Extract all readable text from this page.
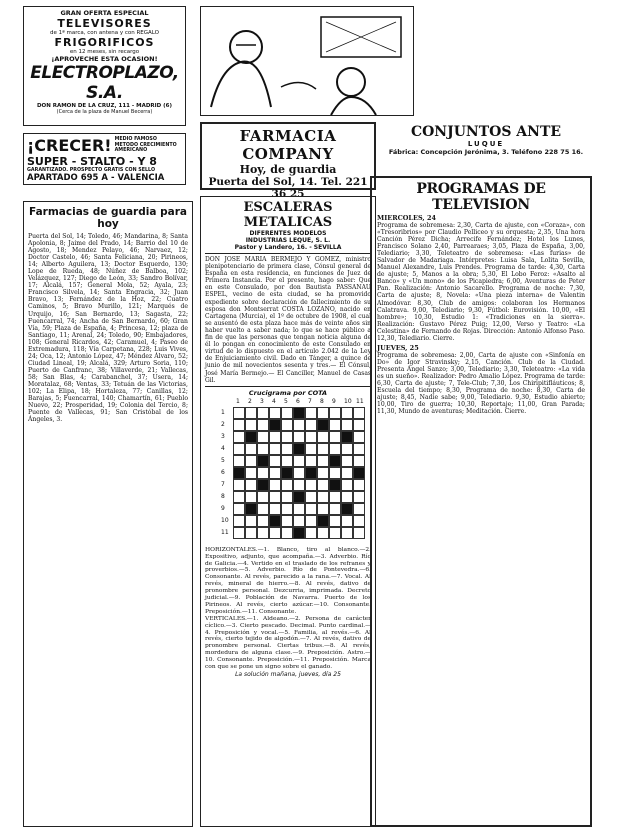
GRAN OFERTA ESPECIAL
TELEVISORES
de 1ª marca, con antena y con REGALO
FRIGORIFICOS
en 12 meses, sin recargo
¡APROVECHE ESTA OCASION!
ELECTROPLAZO, S.A.
DON RAMON DE LA CRUZ, 111 - MADRID (6)
(Cerca de la plaza de Manuel Becerra)
¡CRECER! MEDIO FAMOSO METODO CRECIMIENTO AMERICANO
SUPER - STALTO - Y 8
GARANTIZADO. PROSPECTO GRATIS CON SELLO
APARTADO 695 A - VALENCIA
Farmacias de guardia para hoy

Puerta del Sol, 14; Toledo, 46; Mandarina, 8; Santa Apolonia, 8; Jaime del Prado, 14; Barrio del 10 de Agosto, 18; Mendez Pelayo, 46; Narvaez, 12; Doctor Castelo, 46; Santa Feliciana, 20; Pirineos, 14; Alberto Aguilera, 13; Doctor Esquerdo, 130; Lope de Rueda, 48; Núñez de Balboa, 102; Velázquez, 127; Diego de León, 33; Sandro Bolívar, 17; Alcalá, 157; General Mola, 52; Ayala, 23; Francisco Silvela, 14; Santa Engracia, 32; Juan Bravo, 13; Fernández de la Hoz, 22; Cuatro Caminos, 5; Bravo Murillo, 121; Marqués de Urquijo, 16; San Bernardo, 13; Sagasta, 22; Fuencarral, 74; Ancha de San Bernardo, 60; Gran Vía, 59; Plaza de España, 4; Princesa, 12; plaza de Santiago, 11; Arenal, 24; Toledo, 90; Embajadores, 108; General Ricardos, 42; Caramuel, 4; Paseo de Extremadura, 118; Vía Carpetana, 228; Luis Vives, 24; Oca, 12; Antonio López, 47; Méndez Álvaro, 52; Ciudad Lineal, 19; Alcalá, 329; Arturo Soria, 110; Puerto de Canfranc, 38; Villaverde, 21; Vallecas, 58; San Blas, 4; Carabanchel, 37; Usera, 14; Moratalaz, 68; Ventas, 33; Tetuán de las Victorias, 102; La Elipa, 18; Hortaleza, 77; Canillas, 12; Barajas, 5; Fuencarral, 140; Chamartín, 61; Pueblo Nuevo, 22; Prosperidad, 19; Colonia del Tercio, 8; Puente de Vallecas, 91; San Cristóbal de los Ángeles, 3.

FARMACIA COMPANY
Hoy, de guardia
Puerta del Sol, 14. Tel. 221 36 25
ESCALERAS METALICAS
DIFERENTES MODELOS
INDUSTRIAS LEQUE, S. L.
Pastor y Landero, 16. - SEVILLA

DON JOSE MARIA BERMEJO Y GOMEZ, ministro plenipotenciario de primera clase, Cónsul general de España en esta residencia, en funciones de Juez de Primera Instancia. Por el presente, hago saber: Que en este Consulado, por don Bautista PASSANAU ESPEL, vecino de esta ciudad, se ha promovido expediente sobre declaración de fallecimiento de su esposa don Montserrat COSTA LOZANO, nacido en Cartagena (Murcia), el 1º de octubre de 1908, el cual se ausentó de esta plaza hace más de veinte años sin haber vuelto a saber nada; lo que se hace público a fin de que las personas que tengan noticia alguna de él lo pongan en conocimiento de este Consulado en virtud de lo dispuesto en el artículo 2.042 de la Ley de Enjuiciamiento civil. Dado en Tánger, a quince de junio de mil novecientos sesenta y tres.— El Cónsul, José María Bermejo.— El Canciller, Manuel de Casas Gil.

Crucigrama por COTA
1 2 3 4 5 6 7 8 9 10 11
1
2
3
4
5
6
7
8
9
10
11

HORIZONTALES.—1. Blanco, tiro al blanco.—2. Expositivo, adjunto, que acompaña.—3. Adverbio. Río de Galicia.—4. Vertido en el traslado de los refranes y proverbios.—5. Adverbio. Río de Pontevedra.—6. Consonante. Al revés, parecido a la rana.—7. Vocal. Al revés, mineral de hierro.—8. Al revés, dativo de pronombre personal. Dezcurria, imprimada. Decreto judicial.—9. Población de Navarra. Puerto de los Pirineos. Al revés, cierto azúcar.—10. Consonante. Preposición.—11. Consonante.

VERTICALES.—1. Aldeano.—2. Persona de carácter cíclico.—3. Cierto pescado. Decimal. Punto cardinal.—4. Preposición y vocal.—5. Familia, al revés.—6. Al revés, cierto tejido de algodón.—7. Al revés, dativo de pronombre personal. Ciertas tribus.—8. Al revés, mordedura de alguna clase.—9. Preposición. Astro.—10. Consonante. Preposición.—11. Preposición. Marca con que se pone un signo sobre el ganado.

La solución mañana, jueves, día 25
CONJUNTOS ANTE
LUQUE
Fábrica: Concepción Jerónima, 3. Teléfono 228 75 16.
PROGRAMAS DE TELEVISION
MIERCOLES, 24

Programa de sobremesa: 2,30, Carta de ajuste, con «Coraza», con «Tresoribrios» por Claudio Pelliceo y su orquesta; 2,35, Una hora Canción Pérez Dicha; Arrecife Fernández; Hotel los Lunes, Francisco Solano 2,40, Parrearaes; 3,05, Plaza de España, 3,00, Telediario; 3,30, Teleteatro de sobremesa: «Las furias» de Salvador de Madariaga. Intérpretes: Luisa Sala, Lolita Sevilla, Manuel Alexandre, Luis Prendes. Programa de tarde: 4,30, Carta de ajuste; 5, Manos a la obra; 5,30, El Lobo Feroz: «Asalto al Banco» y «Un mono» de los Picapiedra; 6,00, Aventuras de Peter Pan. Realización: Antonio Sacarello. Programa de noche: 7,30, Carta de ajuste; 8, Novela: «Una pieza interna» de Valentin Almodóvar. 8,30, Club de amigos: colaboran los Hermanos Calatrava. 9,00, Telediario; 9,30, Fútbol: Eurovisión. 10,00, «El hombre»; 10,30, Estudio 1: «Tradiciones en la sierra». Realización: Gustavo Pérez Puig; 12,00, Verso y Teatro: «La Celestina» de Fernando de Rojas. Dirección: Antonio Alfonso Paso. 12,30, Telediario. Cierre.

JUEVES, 25

Programa de sobremesa: 2,00, Carta de ajuste con «Sinfonía en Do» de Igor Stravinsky; 2,15, Canción. Club de la Ciudad. Presenta Ángel Sanzo; 3,00, Telediario; 3,30, Teleteatro: «La vida es un sueño». Realizador: Pedro Amalio López. Programa de tarde: 6,30, Carta de ajuste; 7, Tele-Club; 7,30, Los Chiripitifláuticos; 8, Escuela del tiempo; 8,30, Programa de noche: 8,30, Carta de ajuste; 8,45, Nadie sabe; 9,00, Telediario. 9,30, Estudio abierto; 10,00, Tiro de guerra; 10,30, Reportaje; 11,00, Gran Parada; 11,30, Mundo de aventuras; Meditación. Cierre.
